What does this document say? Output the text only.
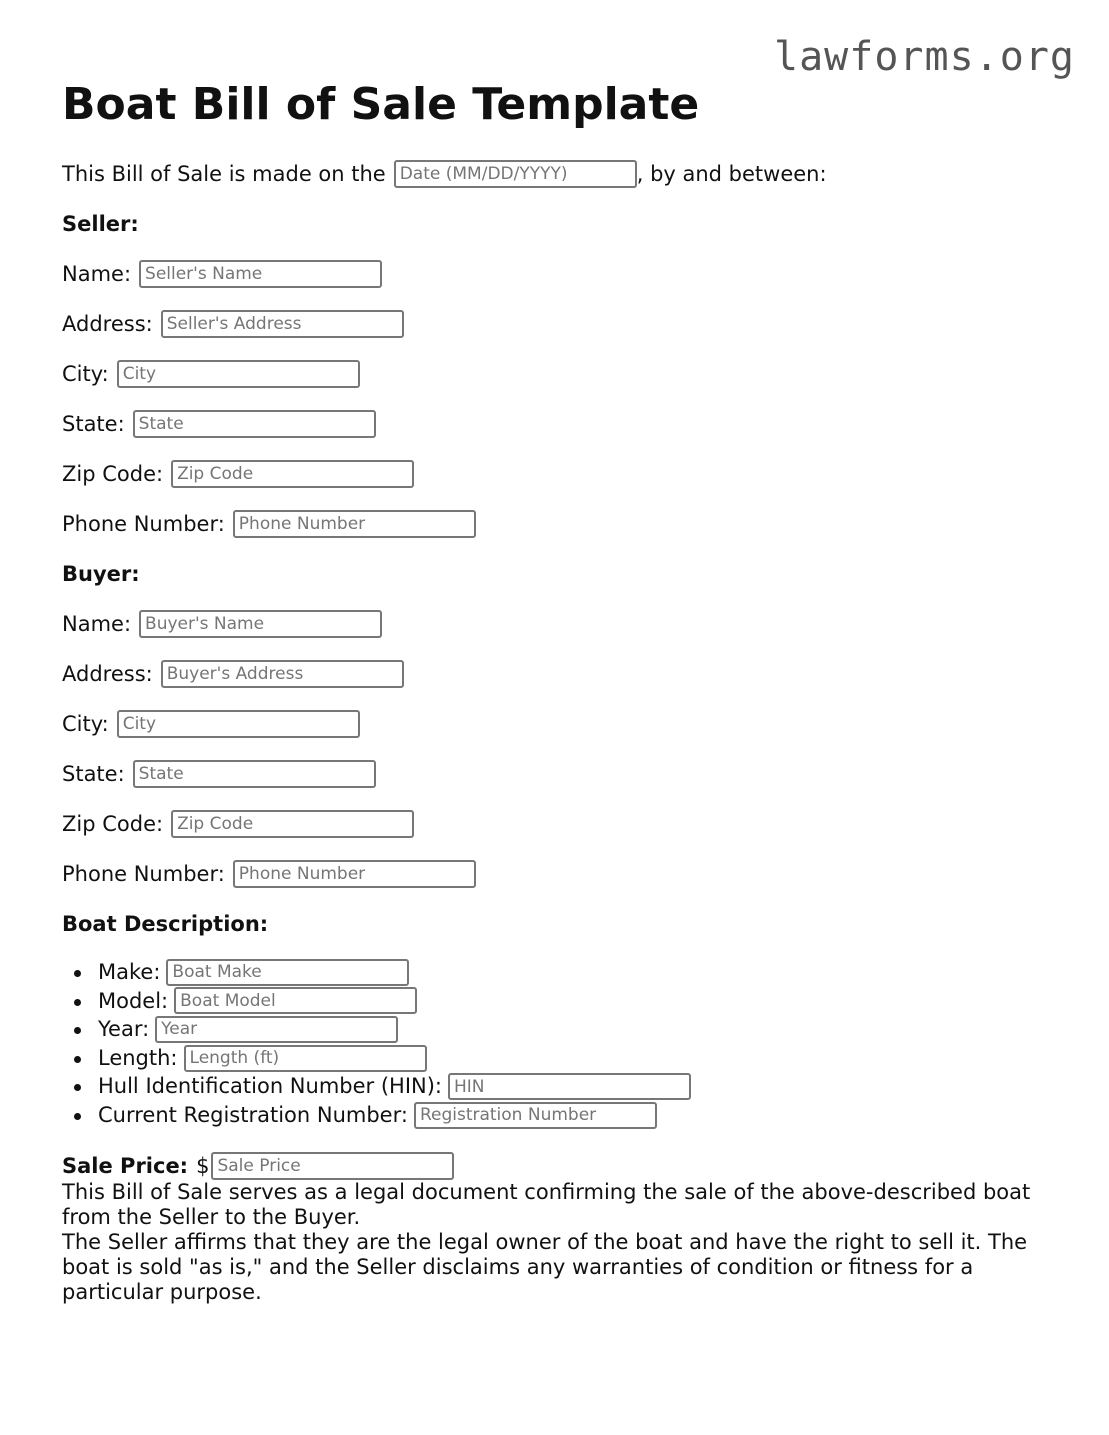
lawforms.org
Boat Bill of Sale Template
This Bill of Sale is made on the
Date (MM/DD/YYYY)	, by and between:
Seller:
Name:
Seller's Name
Address:
Seller's Address
City:
City
State:
State
Zip Code:
Zip Code
Phone Number:
Phone Number
Buyer:
Name:
Buyer's Name
Address:
Buyer's Address
City:
City
State:
State
Zip Code:
Zip Code
Phone Number:
Phone Number
Boat Description:
Make:
Boat Make
Model:
Boat Model
Year:
Year
Length:
Length (ft)
Hull Identification Number (HIN):
HIN
Current Registration Number:
Registration Number
Sale Price: $
Sale Price

This Bill of Sale serves as a legal document confirming the sale of the above-described boat from the Seller to the Buyer.

The Seller affirms that they are the legal owner of the boat and have the right to sell it. The boat is sold "as is," and the Seller disclaims any warranties of condition or fitness for a particular purpose.
